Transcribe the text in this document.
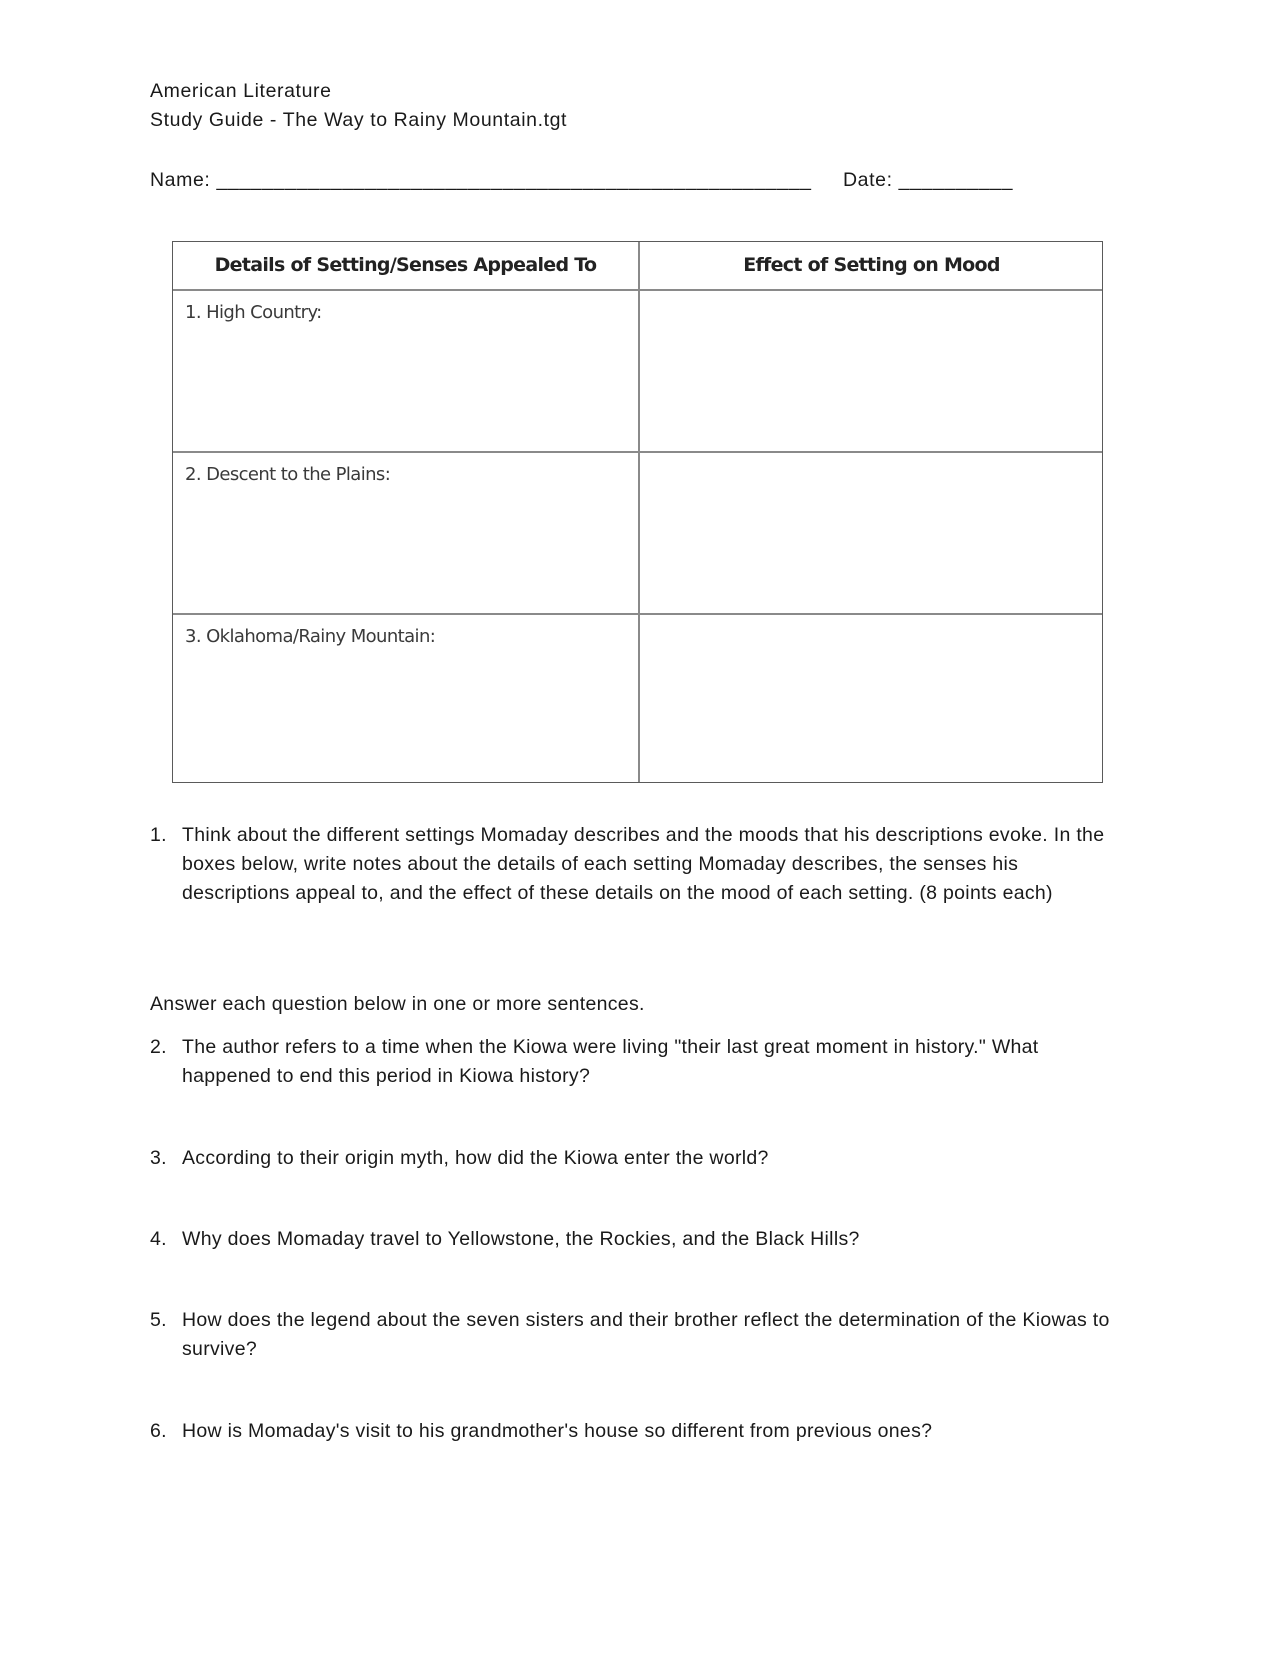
American Literature
Study Guide - The Way to Rainy Mountain.tgt
Name: ____________________________________________________ Date: __________
Details of Setting/Senses Appealed To	Effect of Setting on Mood
1. High Country:
2. Descent to the Plains:
3. Oklahoma/Rainy Mountain:
1. Think about the different settings Momaday describes and the moods that his descriptions evoke. In the boxes below, write notes about the details of each setting Momaday describes, the senses his descriptions appeal to, and the effect of these details on the mood of each setting. (8 points each)
Answer each question below in one or more sentences.
2. The author refers to a time when the Kiowa were living "their last great moment in history." What happened to end this period in Kiowa history?
3. According to their origin myth, how did the Kiowa enter the world?
4. Why does Momaday travel to Yellowstone, the Rockies, and the Black Hills?
5. How does the legend about the seven sisters and their brother reflect the determination of the Kiowas to survive?
6. How is Momaday's visit to his grandmother's house so different from previous ones?
